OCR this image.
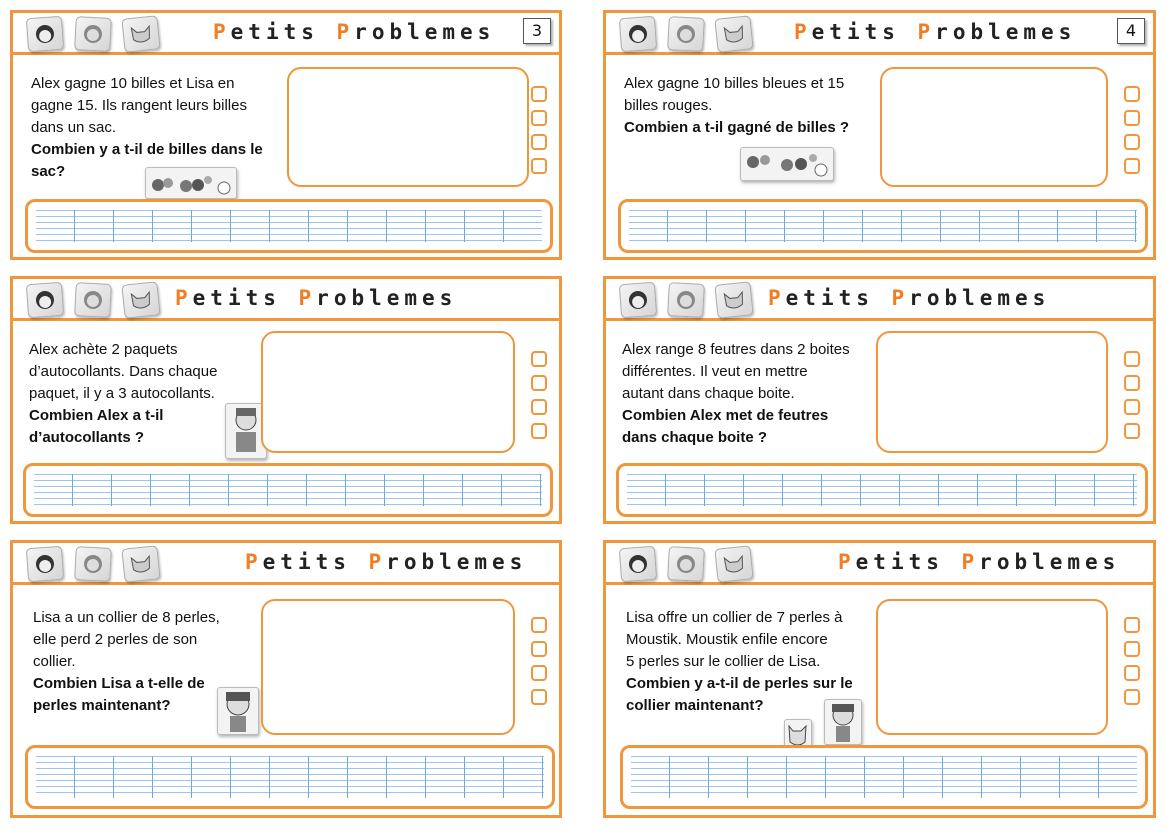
Petits Problemes	3
Alex gagne 10 billes et Lisa en
gagne 15. Ils rangent leurs billes
dans un sac.
Combien y a t-il de billes dans le
sac?
Petits Problemes	4
Alex gagne 10 billes bleues et 15
billes rouges.
Combien a t-il gagné de billes ?
Petits Problemes
Alex achète 2 paquets
d’autocollants. Dans chaque
paquet, il y a 3 autocollants.
Combien Alex a t-il
d’autocollants ?
Petits Problemes
Alex range 8 feutres dans 2 boites
différentes. Il veut en mettre
autant dans chaque boite.
Combien Alex met de feutres
dans chaque boite ?
Petits Problemes
Lisa a un collier de 8 perles,
elle perd 2 perles de son
collier.
Combien Lisa a t-elle de
perles maintenant?
Petits Problemes
Lisa offre un collier de 7 perles à
Moustik. Moustik enfile encore
5 perles sur le collier de Lisa.
Combien y a-t-il de perles sur le
collier maintenant?
